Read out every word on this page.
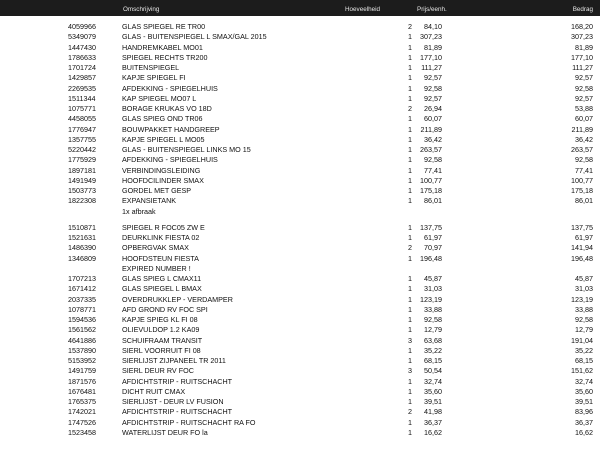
Omschrijving	Hoeveelheid	Prijs/eenh.	Bedrag
4059966	GLAS SPIEGEL RE TR00	2 84,10	168,20
5349079	GLAS - BUITENSPIEGEL L SMAX/GAL 2015	1 307,23	307,23
1447430	HANDREMKABEL MO01	1 81,89	81,89
1786633	SPIEGEL RECHTS TR200	1 177,10	177,10
1701724	BUITENSPIEGEL	1 111,27	111,27
1429857	KAPJE SPIEGEL FI	1 92,57	92,57
2269535	AFDEKKING - SPIEGELHUIS	1 92,58	92,58
1511344	KAP SPIEGEL MO07 L	1 92,57	92,57
1075771	BORAGE KRUKAS VO 18D	2 26,94	53,88
4458055	GLAS SPIEG OND TR06	1 60,07	60,07
1776947	BOUWPAKKET HANDGREEP	1 211,89	211,89
1357755	KAPJE SPIEGEL L MO05	1 36,42	36,42
5220442	GLAS - BUITENSPIEGEL LINKS MO 15	1 263,57	263,57
1775929	AFDEKKING - SPIEGELHUIS	1 92,58	92,58
1897181	VERBINDINGSLEIDING	1 77,41	77,41
1491949	HOOFDCILINDER SMAX	1 100,77	100,77
1503773	GORDEL MET GESP	1 175,18	175,18
1822308	EXPANSIETANK	1 86,01	86,01
1x afbraak
1510871	SPIEGEL R FOC05 ZW E	1 137,75	137,75
1521631	DEURKLINK FIESTA 02	1 61,97	61,97
1486390	OPBERGVAK SMAX	2 70,97	141,94
1346809	HOOFDSTEUN FIESTA	1 196,48	196,48
EXPIRED NUMBER !
1707213	GLAS SPIEG L CMAX11	1 45,87	45,87
1671412	GLAS SPIEGEL L BMAX	1 31,03	31,03
2037335	OVERDRUKKLEP - VERDAMPER	1 123,19	123,19
1078771	AFD GROND RV FOC SPI	1 33,88	33,88
1594536	KAPJE SPIEG KL FI 08	1 92,58	92,58
1561562	OLIEVULDOP 1.2 KA09	1 12,79	12,79
4641886	SCHUIFRAAM TRANSIT	3 63,68	191,04
1537890	SIERL VOORRUIT FI 08	1 35,22	35,22
5153952	SIERLIJST ZIJPANEEL TR 2011	1 68,15	68,15
1491759	SIERL DEUR RV FOC	3 50,54	151,62
1871576	AFDICHTSTRIP - RUITSCHACHT	1 32,74	32,74
1676481	DICHT RUIT CMAX	1 35,60	35,60
1765375	SIERLIJST - DEUR LV FUSION	1 39,51	39,51
1742021	AFDICHTSTRIP - RUITSCHACHT	2 41,98	83,96
1747526	AFDICHTSTRIP - RUITSCHACHT RA FO	1 36,37	36,37
1523458	WATERLIJST DEUR FO la	1 16,62	16,62
